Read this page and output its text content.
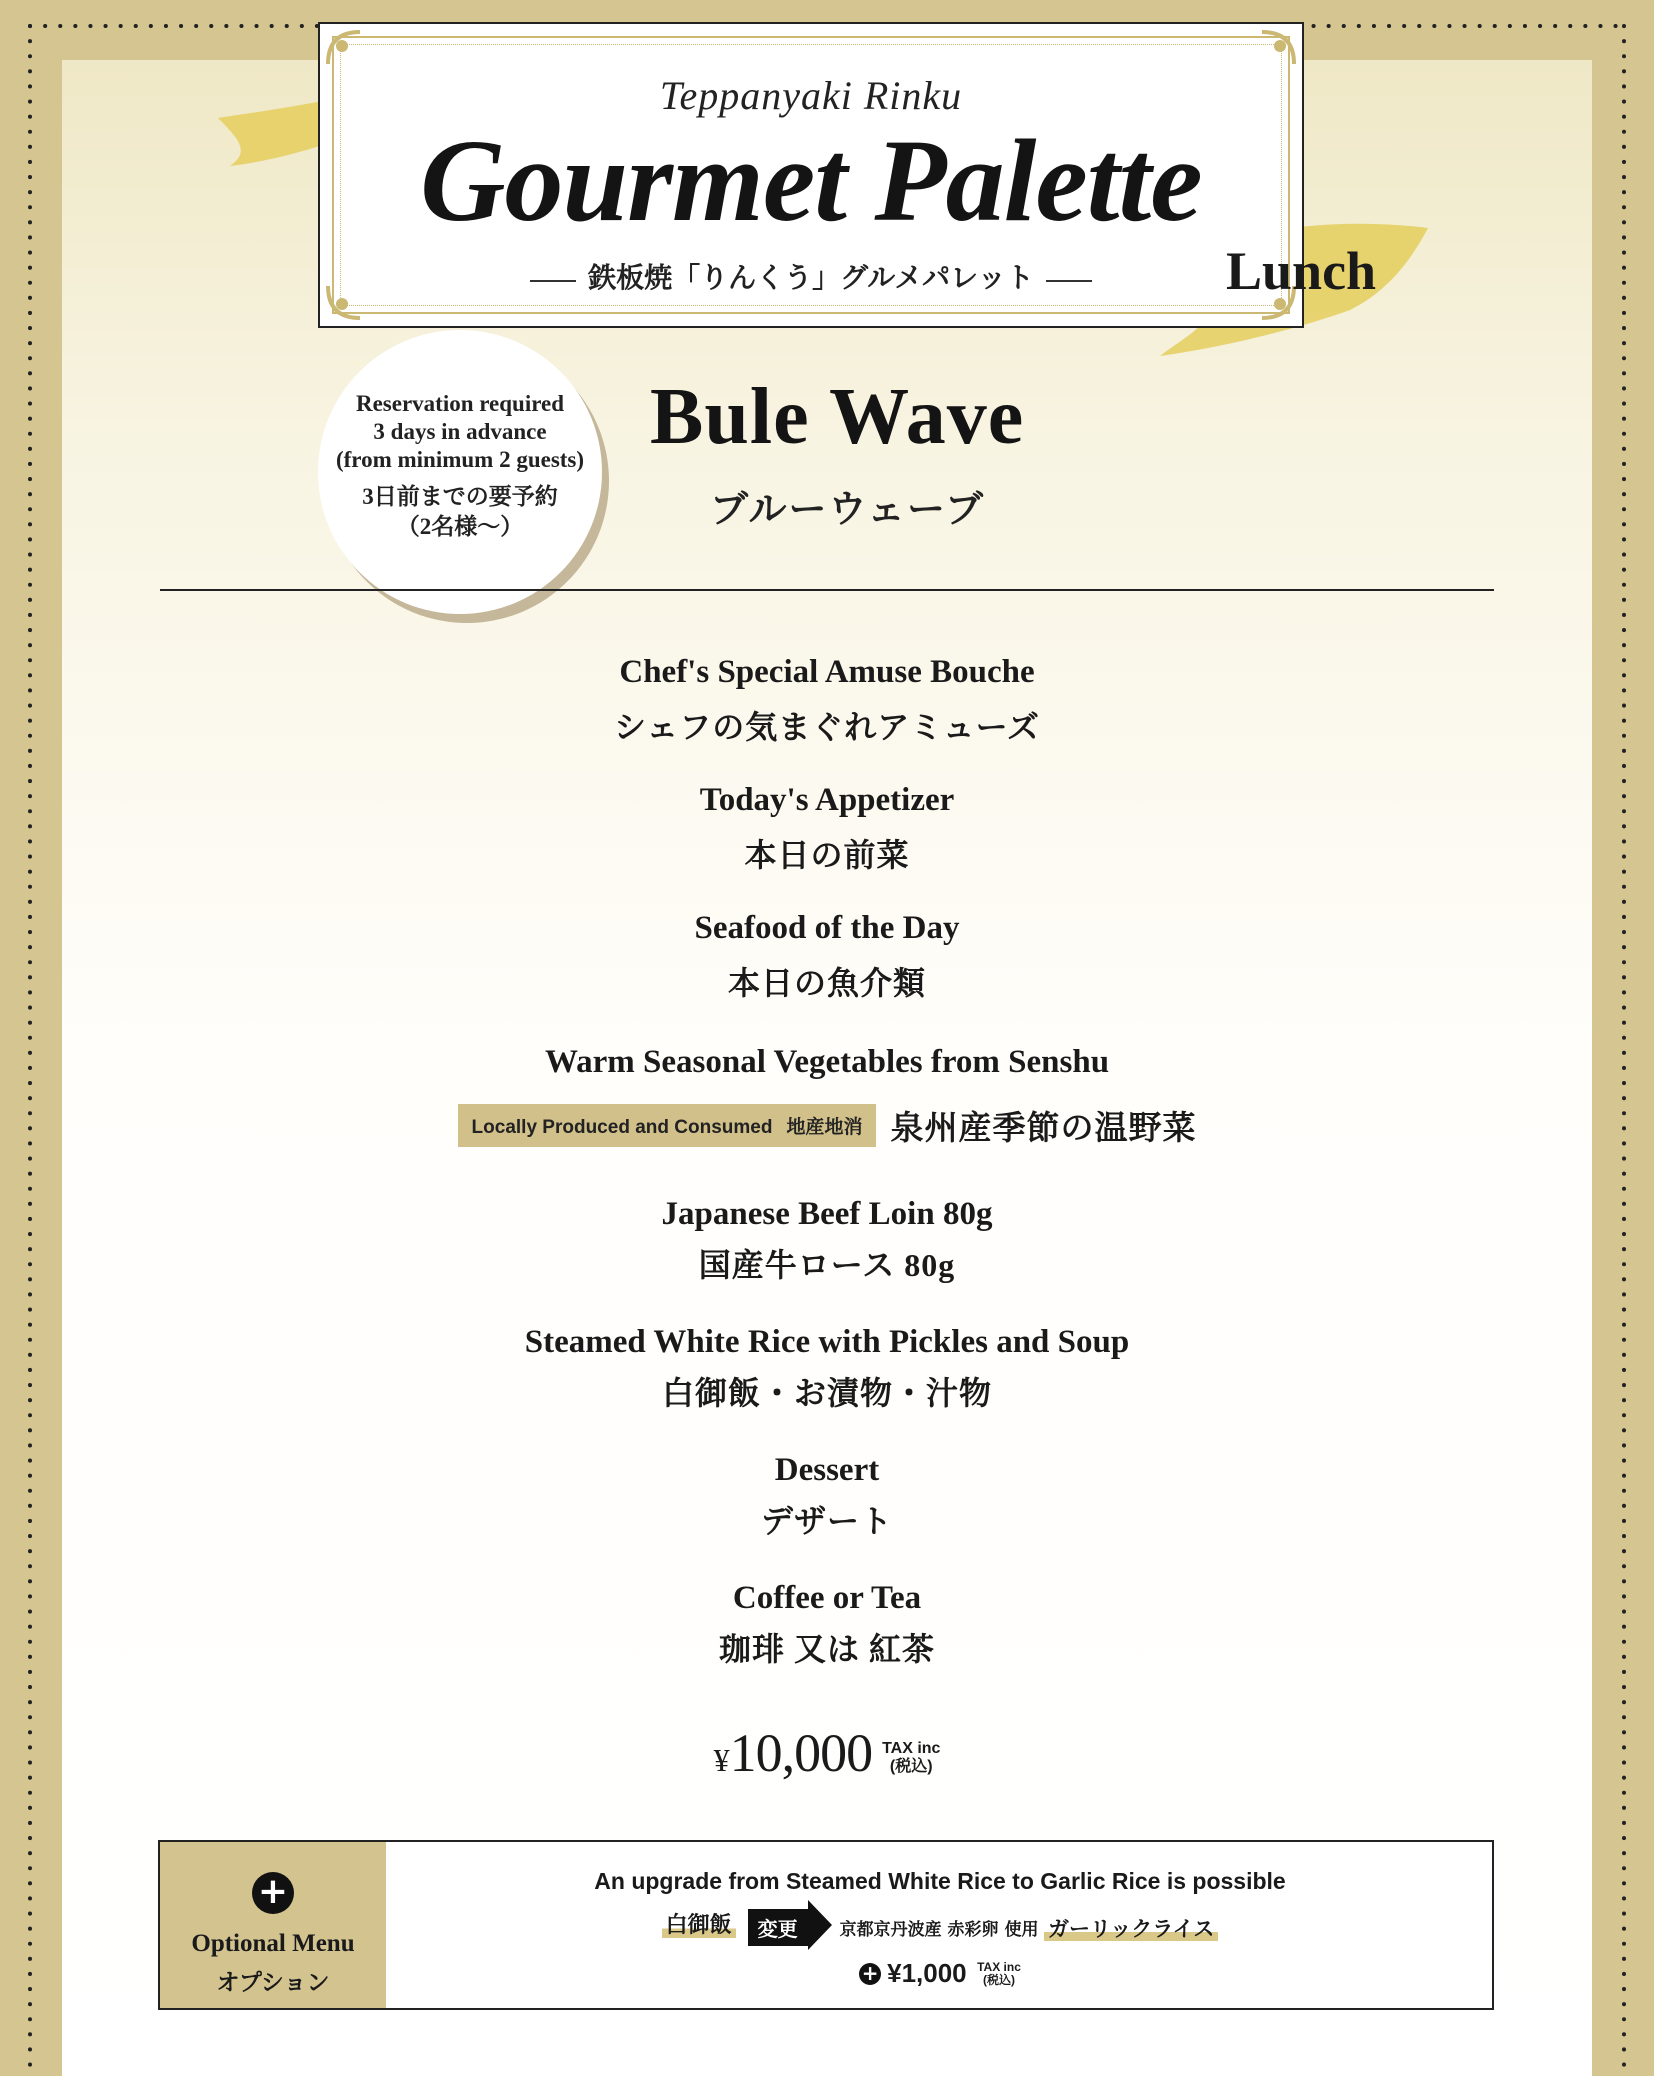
Teppanyaki Rinku
Gourmet Palette
鉄板焼「りんくう」グルメパレット	Lunch
Reservation required
3 days in advance
(from minimum 2 guests)
3日前までの要予約
（2名様〜）
Bule Wave
ブルーウェーブ
Chef's Special Amuse Bouche
シェフの気まぐれアミューズ
Today's Appetizer
本日の前菜
Seafood of the Day
本日の魚介類
Warm Seasonal Vegetables from Senshu
Locally Produced and Consumed 地産地消 泉州産季節の温野菜
Japanese Beef Loin 80g
国産牛ロース 80g
Steamed White Rice with Pickles and Soup
白御飯・お漬物・汁物
Dessert
デザート
Coffee or Tea
珈琲 又は 紅茶
¥10,000 TAX inc
(税込)
+
Optional Menu
オプション
An upgrade from Steamed White Rice to Garlic Rice is possible
白御飯 変更 京都京丹波産 赤彩卵 使用 ガーリックライス
+ ¥1,000 TAX inc
(税込)
